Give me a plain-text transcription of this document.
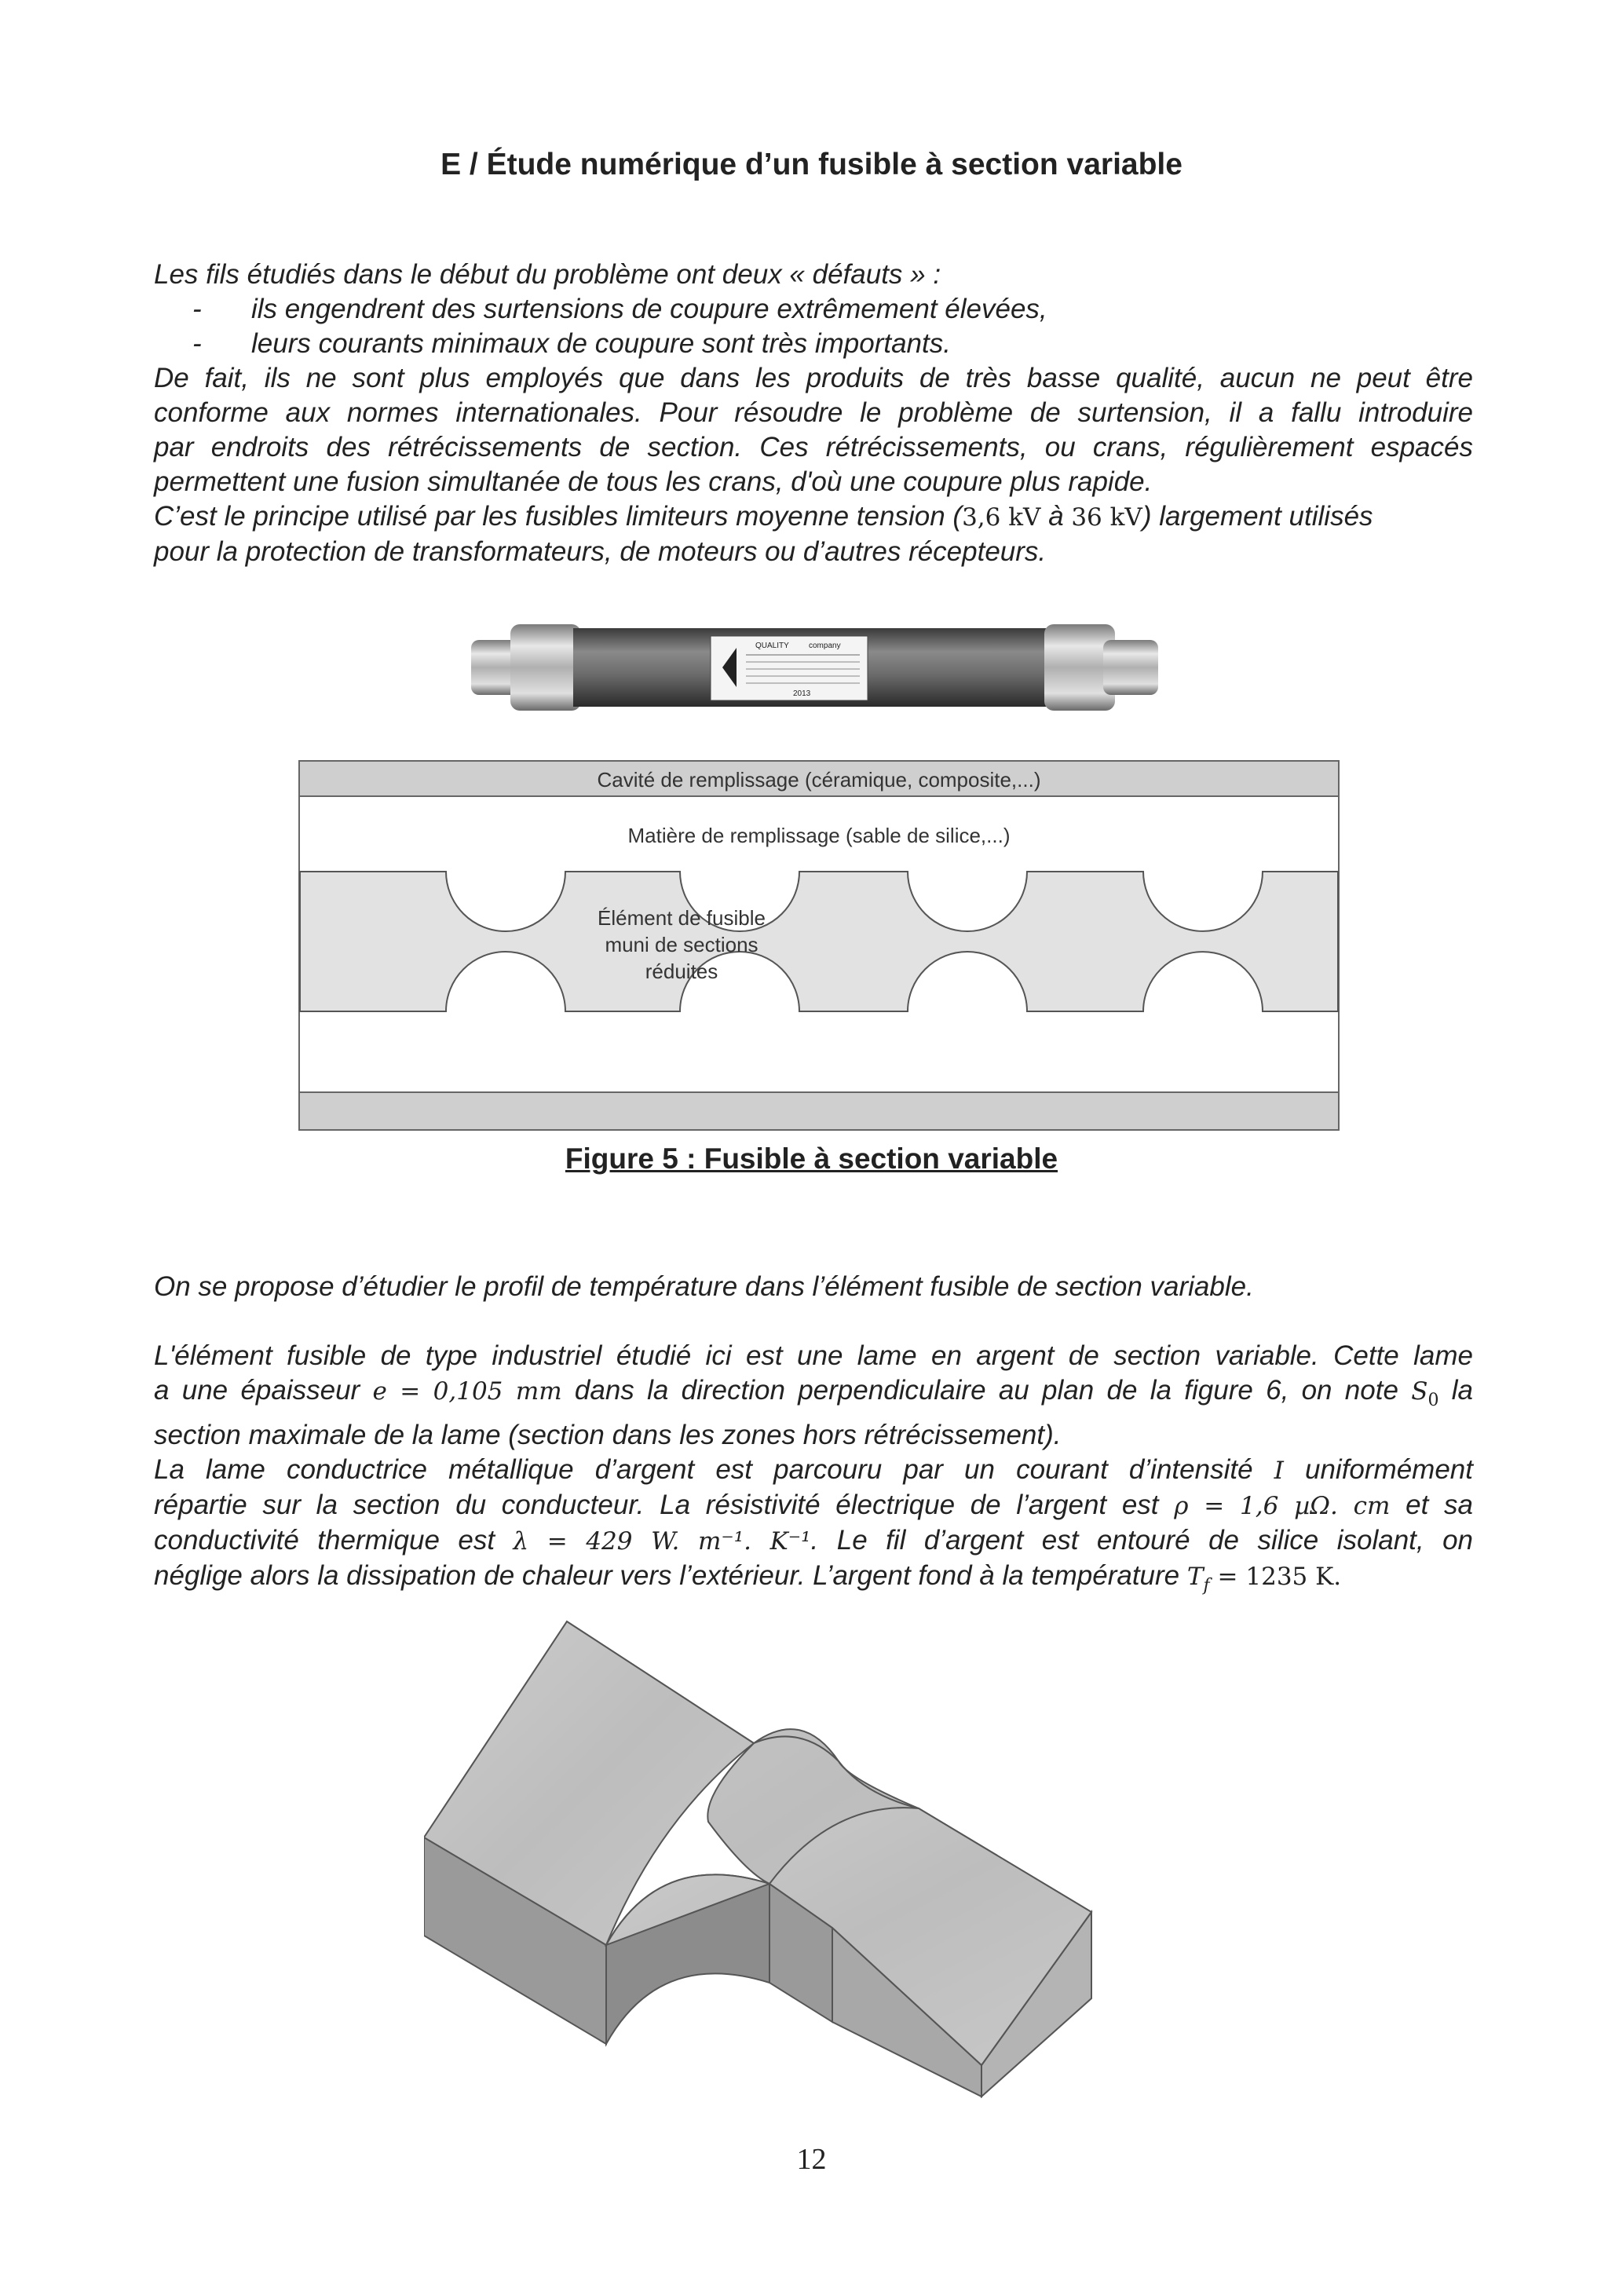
E / Étude numérique d’un fusible à section variable

Les fils étudiés dans le début du problème ont deux « défauts » :

- ils engendrent des surtensions de coupure extrêmement élevées,
- leurs courants minimaux de coupure sont très importants.
De fait, ils ne sont plus employés que dans les produits de très basse qualité, aucun ne peut être
conforme aux normes internationales. Pour résoudre le problème de surtension, il a fallu introduire
par endroits des rétrécissements de section. Ces rétrécissements, ou crans, régulièrement espacés
permettent une fusion simultanée de tous les crans, d'où une coupure plus rapide.
C’est le principe utilisé par les fusibles limiteurs moyenne tension (3,6 kV à 36 kV) largement utilisés
pour la protection de transformateurs, de moteurs ou d’autres récepteurs.
QUALITY	company
2013
Cavité de remplissage (céramique, composite,...)
Matière de remplissage (sable de silice,...)
Élément de fusible
muni de sections
réduites
Figure 5 : Fusible à section variable

On se propose d’étudier le profil de température dans l’élément fusible de section variable.

L'élément fusible de type industriel étudié ici est une lame en argent de section variable. Cette lame
a une épaisseur e = 0,105 mm dans la direction perpendiculaire au plan de la figure 6, on note $S_0$ la
section maximale de la lame (section dans les zones hors rétrécissement).
La lame conductrice métallique d’argent est parcouru par un courant d’intensité I uniformément
répartie sur la section du conducteur. La résistivité électrique de l’argent est ρ = 1,6 µΩ. cm et sa
conductivité thermique est λ = 429 W. m⁻¹. K⁻¹. Le fil d’argent est entouré de silice isolant, on
néglige alors la dissipation de chaleur vers l’extérieur. L’argent fond à la température $T_f = 1235$ K.
12
